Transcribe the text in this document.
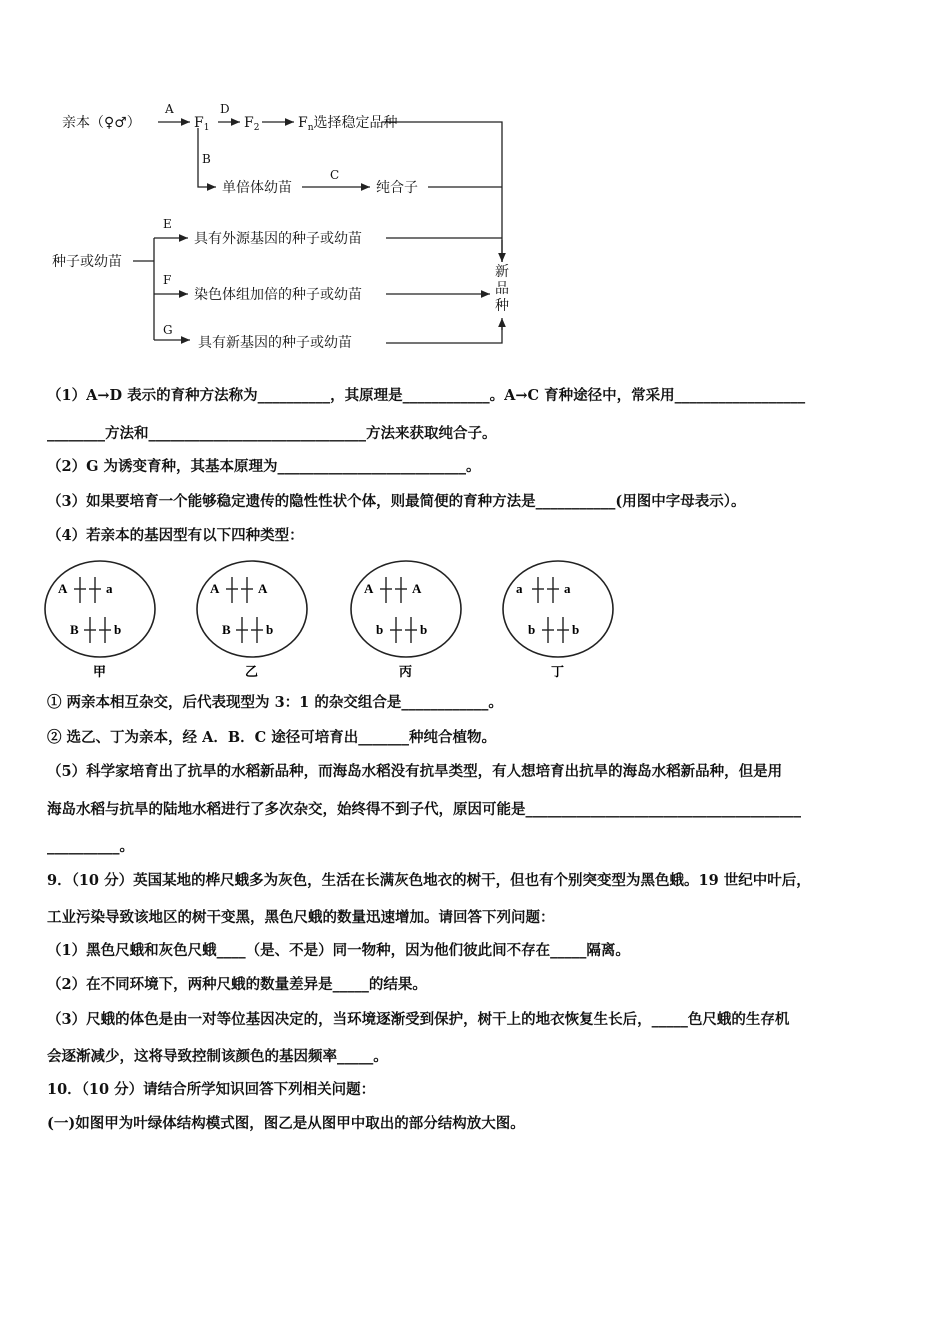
亲本（♀♂）
A
$F_1$
D
$F_2$	$F_n$选择稳定品种
B
单倍体幼苗
C
纯合子
种子或幼苗
E
具有外源基因的种子或幼苗
F
染色体组加倍的种子或幼苗
G
具有新基因的种子或幼苗
新
品
种
（1）A→D 表示的育种方法称为__________，其原理是____________。A→C 育种途径中，常采用__________________
________方法和______________________________方法来获取纯合子。
（2）G 为诱变育种，其基本原理为__________________________。
（3）如果要培育一个能够稳定遗传的隐性性状个体，则最简便的育种方法是___________(用图中字母表示）。
（4）若亲本的基因型有以下四种类型：
A	a
B	b
A	A
B	b
A	A
b	b
a	a
b	b
甲	乙	丙	丁
① 两亲本相互杂交，后代表现型为 3：1 的杂交组合是____________。
② 选乙、丁为亲本，经 A．B．C 途径可培育出_______种纯合植物。
（5）科学家培育出了抗旱的水稻新品种，而海岛水稻没有抗旱类型，有人想培育出抗旱的海岛水稻新品种，但是用
海岛水稻与抗旱的陆地水稻进行了多次杂交，始终得不到子代，原因可能是______________________________________
__________。
9．（10 分）英国某地的桦尺蛾多为灰色，生活在长满灰色地衣的树干，但也有个别突变型为黑色蛾。19 世纪中叶后，
工业污染导致该地区的树干变黑，黑色尺蛾的数量迅速增加。请回答下列问题：
（1）黑色尺蛾和灰色尺蛾____（是、不是）同一物种，因为他们彼此间不存在_____隔离。
（2）在不同环境下，两种尺蛾的数量差异是_____的结果。
（3）尺蛾的体色是由一对等位基因决定的，当环境逐渐受到保护，树干上的地衣恢复生长后，_____色尺蛾的生存机
会逐渐减少，这将导致控制该颜色的基因频率_____。
10．（10 分）请结合所学知识回答下列相关问题：
(一)如图甲为叶绿体结构模式图，图乙是从图甲中取出的部分结构放大图。
